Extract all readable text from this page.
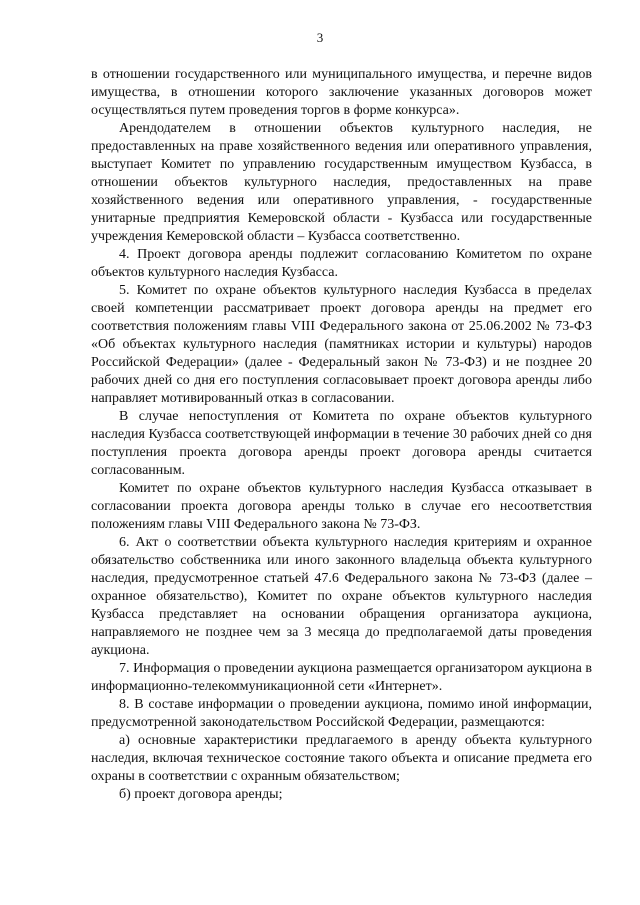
3

в отношении государственного или муниципального имущества, и перечне видов имущества, в отношении которого заключение указанных договоров может осуществляться путем проведения торгов в форме конкурса».

Арендодателем в отношении объектов культурного наследия, не предоставленных на праве хозяйственного ведения или оперативного управления, выступает Комитет по управлению государственным имуществом Кузбасса, в отношении объектов культурного наследия, предоставленных на праве хозяйственного ведения или оперативного управления, - государственные унитарные предприятия Кемеровской области - Кузбасса или государственные учреждения Кемеровской области – Кузбасса соответственно.

4. Проект договора аренды подлежит согласованию Комитетом по охране объектов культурного наследия Кузбасса.

5. Комитет по охране объектов культурного наследия Кузбасса в пределах своей компетенции рассматривает проект договора аренды на предмет его соответствия положениям главы VIII Федерального закона от 25.06.2002 № 73-ФЗ «Об объектах культурного наследия (памятниках истории и культуры) народов Российской Федерации» (далее - Федеральный закон № 73-ФЗ) и не позднее 20 рабочих дней со дня его поступления согласовывает проект договора аренды либо направляет мотивированный отказ в согласовании.

В случае непоступления от Комитета по охране объектов культурного наследия Кузбасса соответствующей информации в течение 30 рабочих дней со дня поступления проекта договора аренды проект договора аренды считается согласованным.

Комитет по охране объектов культурного наследия Кузбасса отказывает в согласовании проекта договора аренды только в случае его несоответствия положениям главы VIII Федерального закона № 73-ФЗ.

6. Акт о соответствии объекта культурного наследия критериям и охранное обязательство собственника или иного законного владельца объекта культурного наследия, предусмотренное статьей 47.6 Федерального закона № 73-ФЗ (далее – охранное обязательство), Комитет по охране объектов культурного наследия Кузбасса представляет на основании обращения организатора аукциона, направляемого не позднее чем за 3 месяца до предполагаемой даты проведения аукциона.

7. Информация о проведении аукциона размещается организатором аукциона в информационно-телекоммуникационной сети «Интернет».

8. В составе информации о проведении аукциона, помимо иной информации, предусмотренной законодательством Российской Федерации, размещаются:

а) основные характеристики предлагаемого в аренду объекта культурного наследия, включая техническое состояние такого объекта и описание предмета его охраны в соответствии с охранным обязательством;

б) проект договора аренды;
